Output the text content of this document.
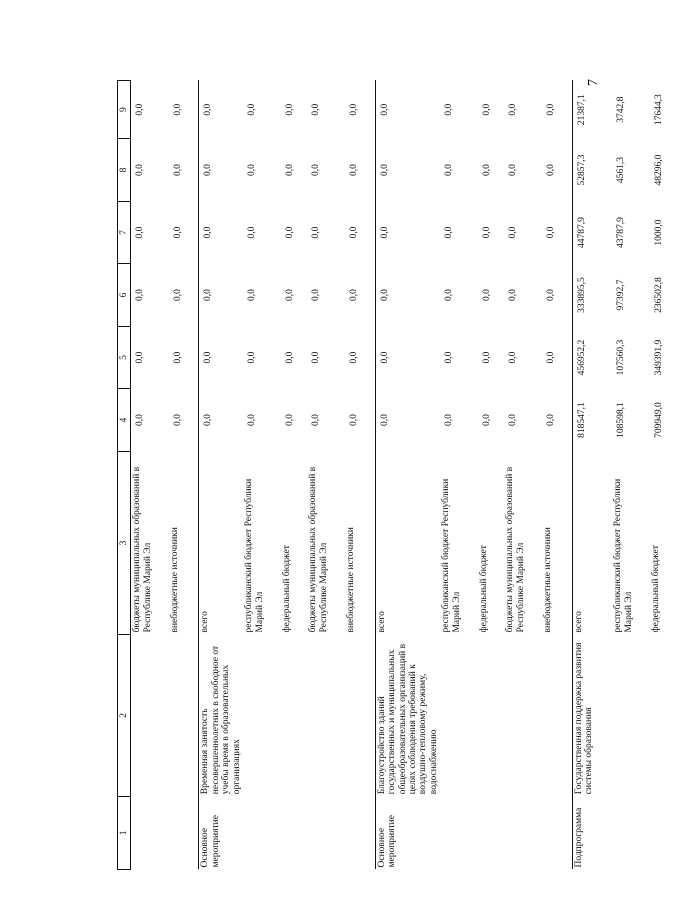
7
1	2	3	4	5	6	7	8	9
		бюджеты муниципальных образований в Республике Марий Эл	0,0	0,0	0,0	0,0	0,0	0,0
		внебюджетные источники	0,0	0,0	0,0	0,0	0,0	0,0
Основное мероприятие	Временная занятость несовершеннолетних в свободное от учебы время в образовательных организациях	всего	0,0	0,0	0,0	0,0	0,0	0,0
		республиканский бюджет Республики Марий Эл	0,0	0,0	0,0	0,0	0,0	0,0
		федеральный бюджет	0,0	0,0	0,0	0,0	0,0	0,0
		бюджеты муниципальных образований в Республике Марий Эл	0,0	0,0	0,0	0,0	0,0	0,0
		внебюджетные источники	0,0	0,0	0,0	0,0	0,0	0,0
Основное мероприятие	Благоустройство зданий государственных и муниципальных общеобразовательных организаций в целях соблюдения требований к воздушно-тепловому режиму, водоснабжению	всего	0,0	0,0	0,0	0,0	0,0	0,0
		республиканский бюджет Республики Марий Эл	0,0	0,0	0,0	0,0	0,0	0,0
		федеральный бюджет	0,0	0,0	0,0	0,0	0,0	0,0
		бюджеты муниципальных образований в Республике Марий Эл	0,0	0,0	0,0	0,0	0,0	0,0
		внебюджетные источники	0,0	0,0	0,0	0,0	0,0	0,0
Подпрограмма	Государственная поддержка развития системы образования	всего	818547,1	456952,2	333895,5	44787,9	52857,3	21387,1
		республиканский бюджет Республики Марий Эл	108598,1	107560,3	97392,7	43787,9	4561,3	3742,8
		федеральный бюджет	709949,0	349391,9	236502,8	1000,0	48296,0	17644,3
